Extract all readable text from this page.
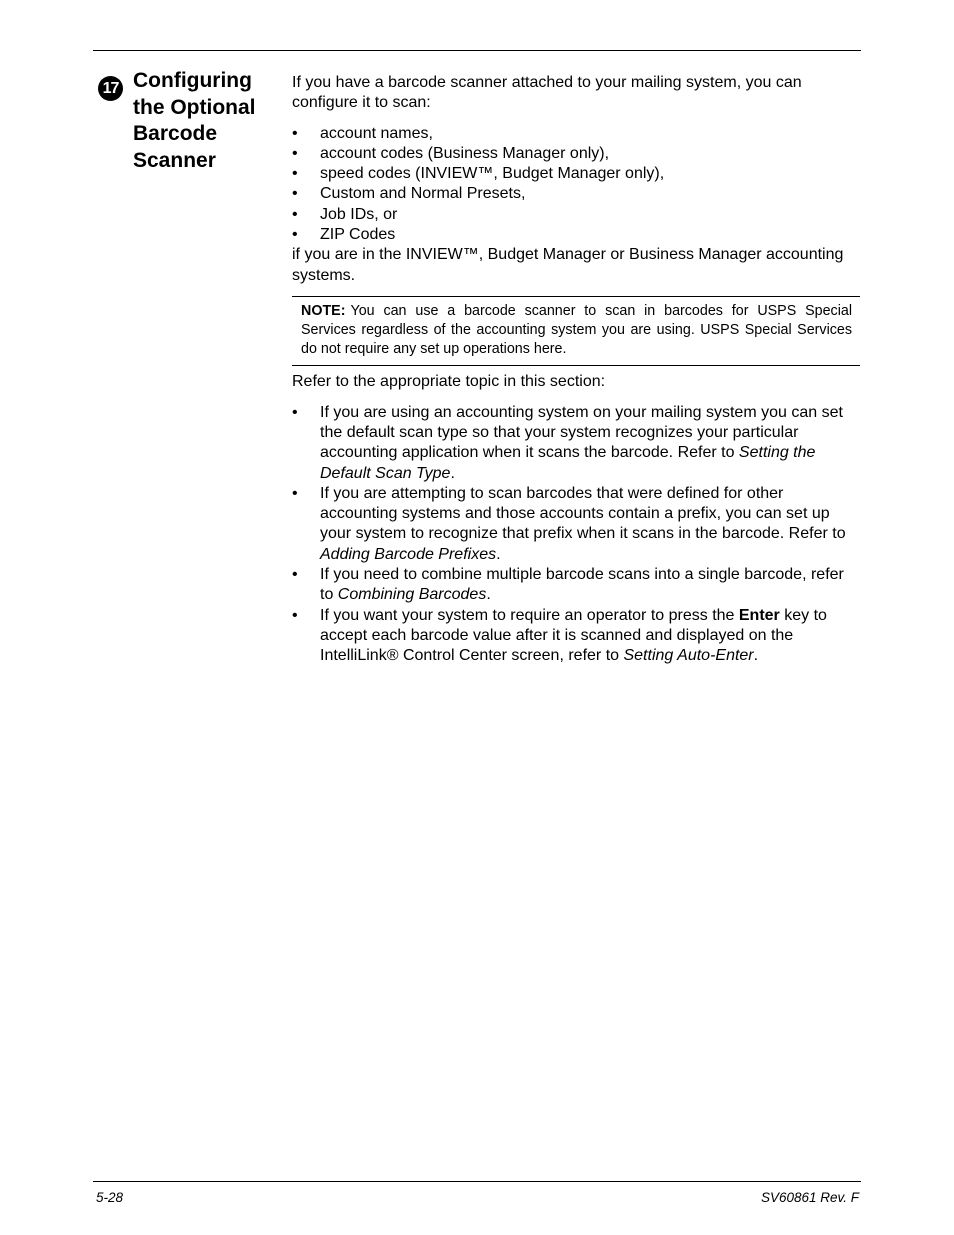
17 Configuring
the Optional
Barcode
Scanner

If you have a barcode scanner attached to your mailing system, you can configure it to scan:

• account names,
• account codes (Business Manager only),
• speed codes (INVIEW™, Budget Manager only),
• Custom and Normal Presets,
• Job IDs, or
• ZIP Codes

if you are in the INVIEW™, Budget Manager or Business Manager accounting systems.

NOTE: You can use a barcode scanner to scan in barcodes for USPS Special Services regardless of the accounting system you are using. USPS Special Services do not require any set up operations here.

Refer to the appropriate topic in this section:

• If you are using an accounting system on your mailing system you can set the default scan type so that your system recognizes your particular accounting application when it scans the barcode. Refer to Setting the Default Scan Type.
• If you are attempting to scan barcodes that were defined for other accounting systems and those accounts contain a prefix, you can set up your system to recognize that prefix when it scans in the barcode. Refer to Adding Barcode Prefixes.
• If you need to combine multiple barcode scans into a single barcode, refer to Combining Barcodes.
• If you want your system to require an operator to press the Enter key to accept each barcode value after it is scanned and displayed on the IntelliLink® Control Center screen, refer to Setting Auto-Enter.
5-28	SV60861 Rev. F
